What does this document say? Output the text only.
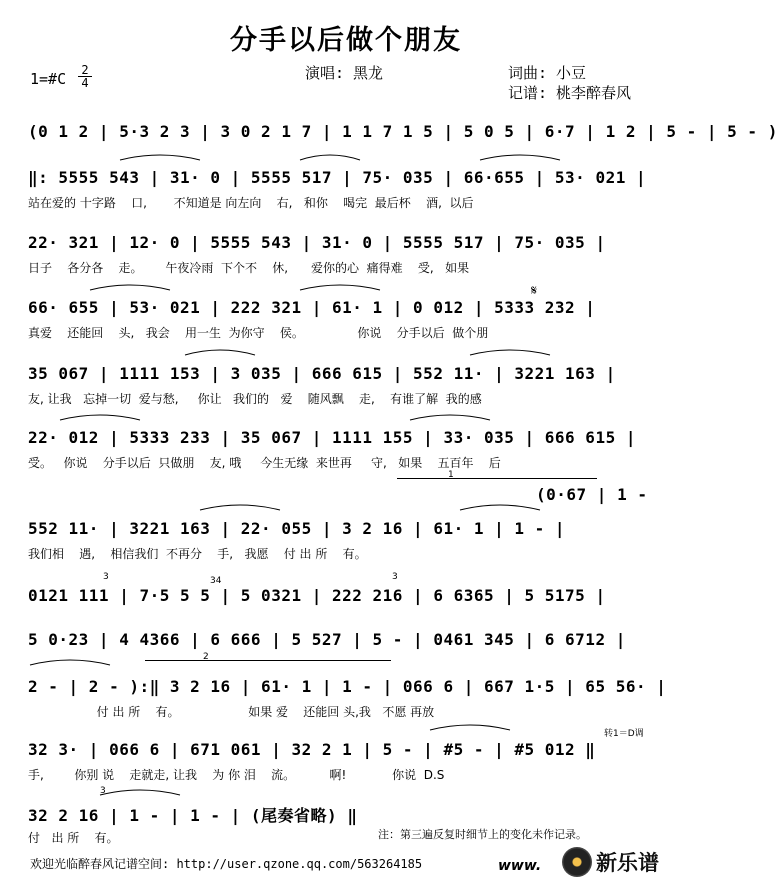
分手以后做个朋友
1=#C 2
4
演唱: 黑龙	词曲: 小豆
记谱: 桃李醉春风
(0 1 2 | 5·3 2 3 | 3 0 2 1 7 | 1 1 7 1 5 | 5 0 5 | 6·7 | 1 2 | 5 - | 5 - )
‖: 5555 543 | 31· 0 | 5555 517 | 75· 035 | 66·655 | 53· 021 |
站在爱的 十字路    口,       不知道是 向左向    右,   和你    喝完  最后杯    酒,  以后
22· 321 | 12· 0 | 5555 543 | 31· 0 | 5555 517 | 75· 035 |
日子    各分各    走。      午夜冷雨  下个不    休,      爱你的心  痛得难    受,   如果
66· 655 | 53· 021 | 222 321 | 61· 1 | 0 012 | 5333 232 |
𝄋
真爱    还能回    头,   我会    用一生  为你守    侯。              你说    分手以后  做个朋
35 067 | 1111 153 | 3 035 | 666 615 | 552 11· | 3221 163 |
友, 让我   忘掉一切  爱与愁,     你让   我们的   爱    随风飘    走,    有谁了解  我的感
22· 012 | 5333 233 | 35 067 | 1111 155 | 33· 035 | 666 615 |
受。   你说    分手以后  只做朋    友, 哦     今生无缘  来世再     守,   如果    五百年    后
1
(0·67 | 1 -
552 11· | 3221 163 | 22· 055 | 3 2 16 | 61· 1 | 1 - |
我们相    遇,    相信我们  不再分    手,   我愿    付 出 所    有。
0121 111 | 7·5 5 5 | 5 0321 | 222 216 | 6 6365 | 5 5175 |
3	34	3
5 0·23 | 4 4366 | 6 666 | 5 527 | 5 - | 0461 345 | 6 6712 |
2
2 - | 2 - ):‖ 3 2 16 | 61· 1 | 1 - | 066 6 | 667 1·5 | 65 56· |
付 出 所    有。                  如果 爱    还能回 头,我   不愿 再放
转1＝D调
32 3· | 066 6 | 671 061 | 32 2 1 | 5 - | #5 - | #5 012 ‖
手,        你别 说    走就走, 让我    为 你 泪    流。         啊!            你说  D.S
3
32 2 16 | 1 - | 1 - | (尾奏省略) ‖
付   出 所    有。	注：第三遍反复时细节上的变化未作记录。
欢迎光临醉春风记谱空间: http://user.qzone.qq.com/563264185	www.	新乐谱
